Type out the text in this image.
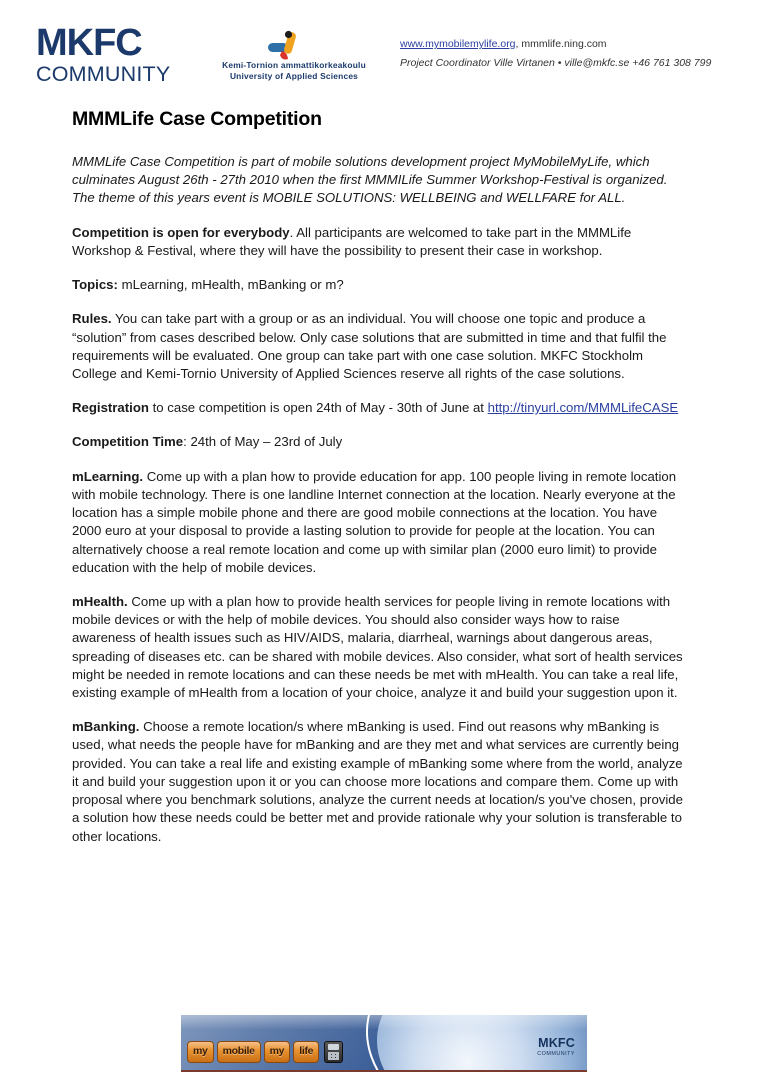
MKFC
COMMUNITY	Kemi-Tornion ammattikorkeakoulu
University of Applied Sciences
www.mymobilemylife.org, mmmlife.ning.com
Project Coordinator Ville Virtanen • ville@mkfc.se +46 761 308 799
MMMLife Case Competition

MMMLife Case Competition is part of mobile solutions development project MyMobileMyLife, which culminates August 26th - 27th 2010 when the first MMMILife Summer Workshop-Festival is organized. The theme of this years event is MOBILE SOLUTIONS: WELLBEING and WELLFARE for ALL.

Competition is open for everybody. All participants are welcomed to take part in the MMMLife Workshop & Festival, where they will have the possibility to present their case in workshop.

Topics: mLearning, mHealth, mBanking or m?

Rules. You can take part with a group or as an individual. You will choose one topic and produce a “solution” from cases described below. Only case solutions that are submitted in time and that fulfil the requirements will be evaluated. One group can take part with one case solution. MKFC Stockholm College and Kemi-Tornio University of Applied Sciences reserve all rights of the case solutions.

Registration to case competition is open 24th of May - 30th of June at http://tinyurl.com/MMMLifeCASE

Competition Time: 24th of May – 23rd of July

mLearning. Come up with a plan how to provide education for app. 100 people living in remote location with mobile technology. There is one landline Internet connection at the location. Nearly everyone at the location has a simple mobile phone and there are good mobile connections at the location. You have 2000 euro at your disposal to provide a lasting solution to provide for people at the location. You can alternatively choose a real remote location and come up with similar plan (2000 euro limit) to provide education with the help of mobile devices.

mHealth. Come up with a plan how to provide health services for people living in remote locations with mobile devices or with the help of mobile devices. You should also consider ways how to raise awareness of health issues such as HIV/AIDS, malaria, diarrheal, warnings about dangerous areas, spreading of diseases etc. can be shared with mobile devices. Also consider, what sort of health services might be needed in remote locations and can these needs be met with mHealth. You can take a real life, existing example of mHealth from a location of your choice, analyze it and build your suggestion upon it.

mBanking. Choose a remote location/s where mBanking is used. Find out reasons why mBanking is used, what needs the people have for mBanking and are they met and what services are currently being provided. You can take a real life and existing example of mBanking some where from the world, analyze it and build your suggestion upon it or you can choose more locations and compare them. Come up with proposal where you benchmark solutions, analyze the current needs at location/s you've chosen, provide a solution how these needs could be better met and provide rationale why your solution is transferable to other locations.

my	mobile	my	life
MKFC
COMMUNITY
